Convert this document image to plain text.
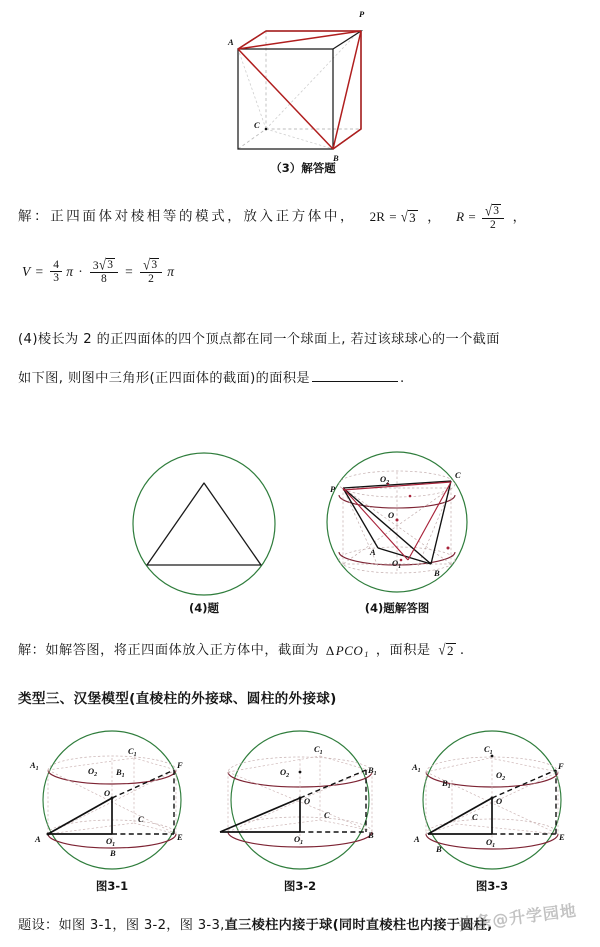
P
A
B
C
（3）解答题
解：正四面体对棱相等的模式，放入正方体中， 2R = √ 3 ， $R = \frac{√ 3}{2}$ ，
$V = \frac{4}{3}$ $\pi \cdot \frac{3 √ 3}{8} = \frac{√ 3}{2}$ π
(4)棱长为 2 的正四面体的四个顶点都在同一个球面上, 若过该球球心的一个截面
如下图, 则图中三角形(正四面体的截面)的面积是	.
(4)题
P
C
A
B
O
$O_2$
$O_1$
(4)题解答图
解：如解答图，将正四面体放入正方体中，截面为 Δ PCO 1 ，面积是 √ 2 .
类型三、汉堡模型(直棱柱的外接球、圆柱的外接球)
$A_1$
$C_1$
$O_2$ $B_1$
F
O
C
A	$O_1$
E
B
图3-1
$C_1$
$O_2$
$B_1$
O
C
$O_1$
B
图3-2
$C_1$
$A_1$	$O_2$
$B_1$
F
O
C
A	$O_1$
E
B
图3-3
题设：如图 3-1，图 3-2，图 3-3,直三棱柱内接于球(同时直棱柱也内接于圆柱,
头条@升学园地
